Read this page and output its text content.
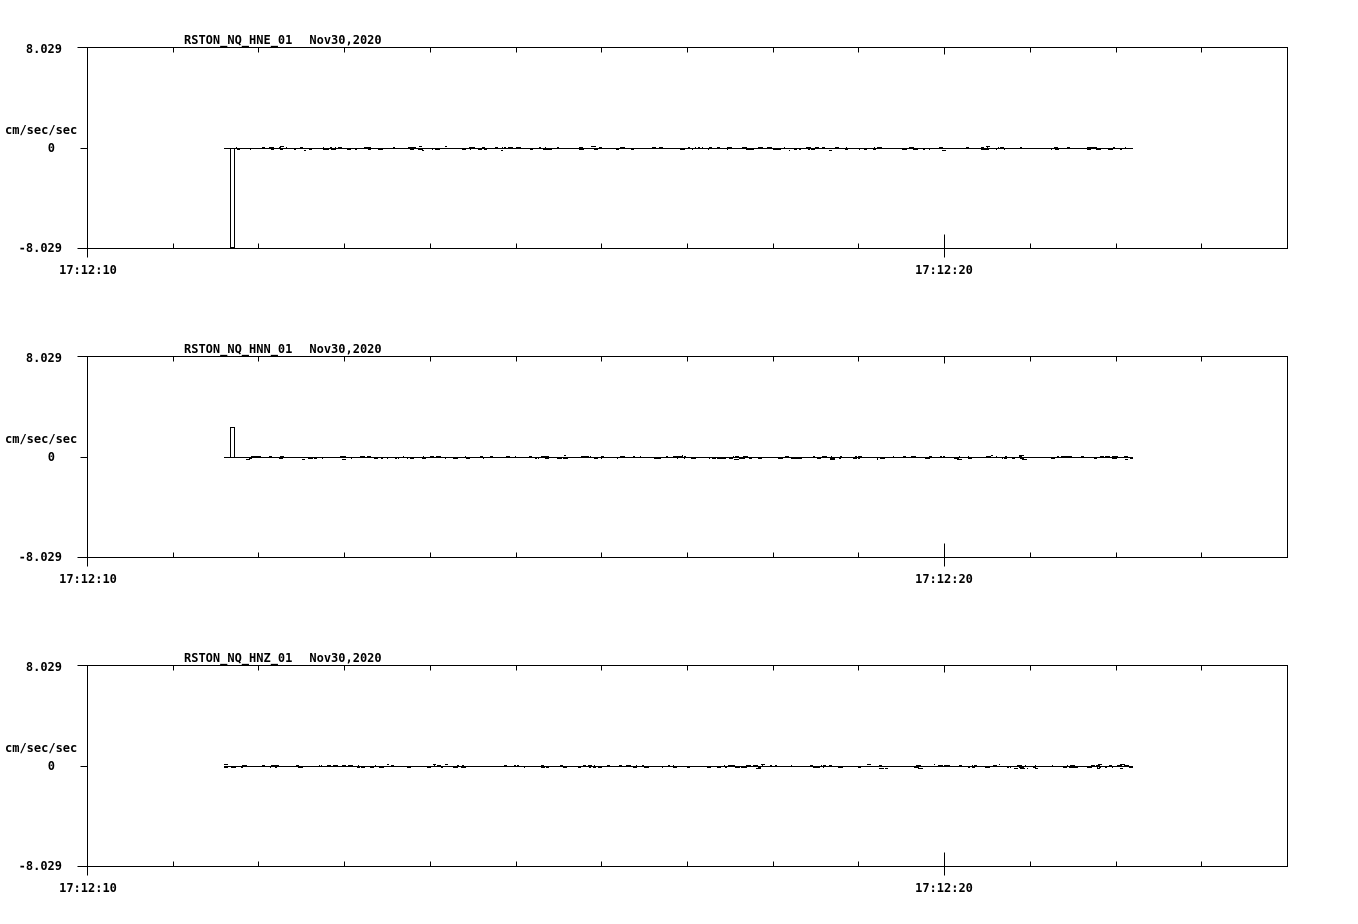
RSTON_NQ_HNE_01 Nov30,2020
8.029
cm/sec/sec
0
-8.029
17:12:10	17:12:20
RSTON_NQ_HNN_01 Nov30,2020
8.029
cm/sec/sec
0
-8.029
17:12:10	17:12:20
RSTON_NQ_HNZ_01 Nov30,2020
8.029
cm/sec/sec
0
-8.029
17:12:10	17:12:20
